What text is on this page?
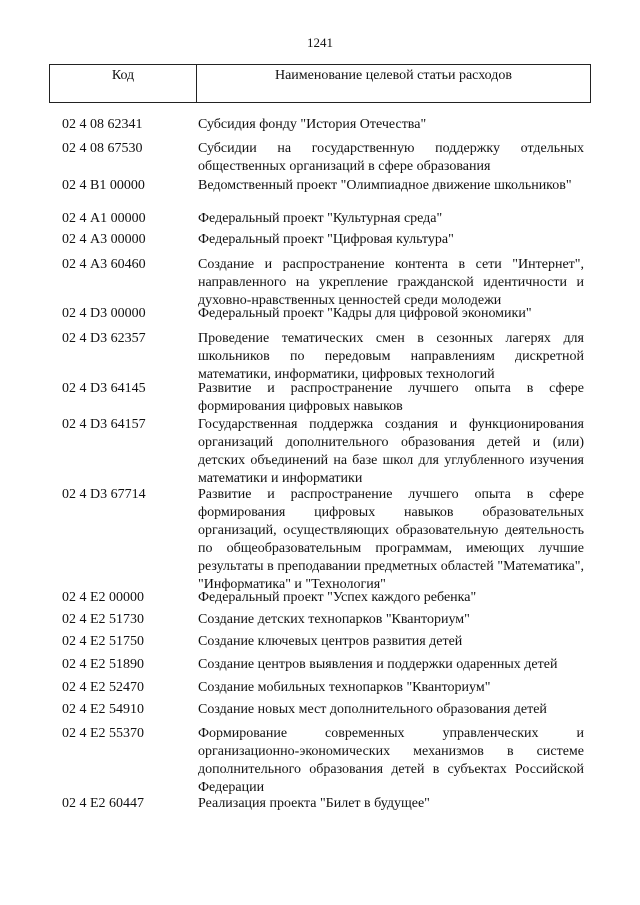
1241
Код	Наименование целевой статьи расходов
02 4 08 62341	Субсидия фонду "История Отечества"
02 4 08 67530	Субсидии на государственную поддержку отдельных общественных организаций в сфере образования
02 4 В1 00000	Ведомственный проект "Олимпиадное движение школьников"
02 4 А1 00000	Федеральный проект "Культурная среда"
02 4 А3 00000	Федеральный проект "Цифровая культура"
02 4 А3 60460	Создание и распространение контента в сети "Интернет", направленного на укрепление гражданской идентичности и духовно-нравственных ценностей среди молодежи
02 4 D3 00000	Федеральный проект "Кадры для цифровой экономики"
02 4 D3 62357	Проведение тематических смен в сезонных лагерях для школьников по передовым направлениям дискретной математики, информатики, цифровых технологий
02 4 D3 64145	Развитие и распространение лучшего опыта в сфере формирования цифровых навыков
02 4 D3 64157	Государственная поддержка создания и функционирования организаций дополнительного образования детей и (или) детских объединений на базе школ для углубленного изучения математики и информатики
02 4 D3 67714	Развитие и распространение лучшего опыта в сфере формирования цифровых навыков образовательных организаций, осуществляющих образовательную деятельность по общеобразовательным программам, имеющих лучшие результаты в преподавании предметных областей "Математика", "Информатика" и "Технология"
02 4 E2 00000	Федеральный проект "Успех каждого ребенка"
02 4 E2 51730	Создание детских технопарков "Кванториум"
02 4 E2 51750	Создание ключевых центров развития детей
02 4 E2 51890	Создание центров выявления и поддержки одаренных детей
02 4 E2 52470	Создание мобильных технопарков "Кванториум"
02 4 E2 54910	Создание новых мест дополнительного образования детей
02 4 E2 55370	Формирование современных управленческих и организационно-экономических механизмов в системе дополнительного образования детей в субъектах Российской Федерации
02 4 E2 60447	Реализация проекта "Билет в будущее"
